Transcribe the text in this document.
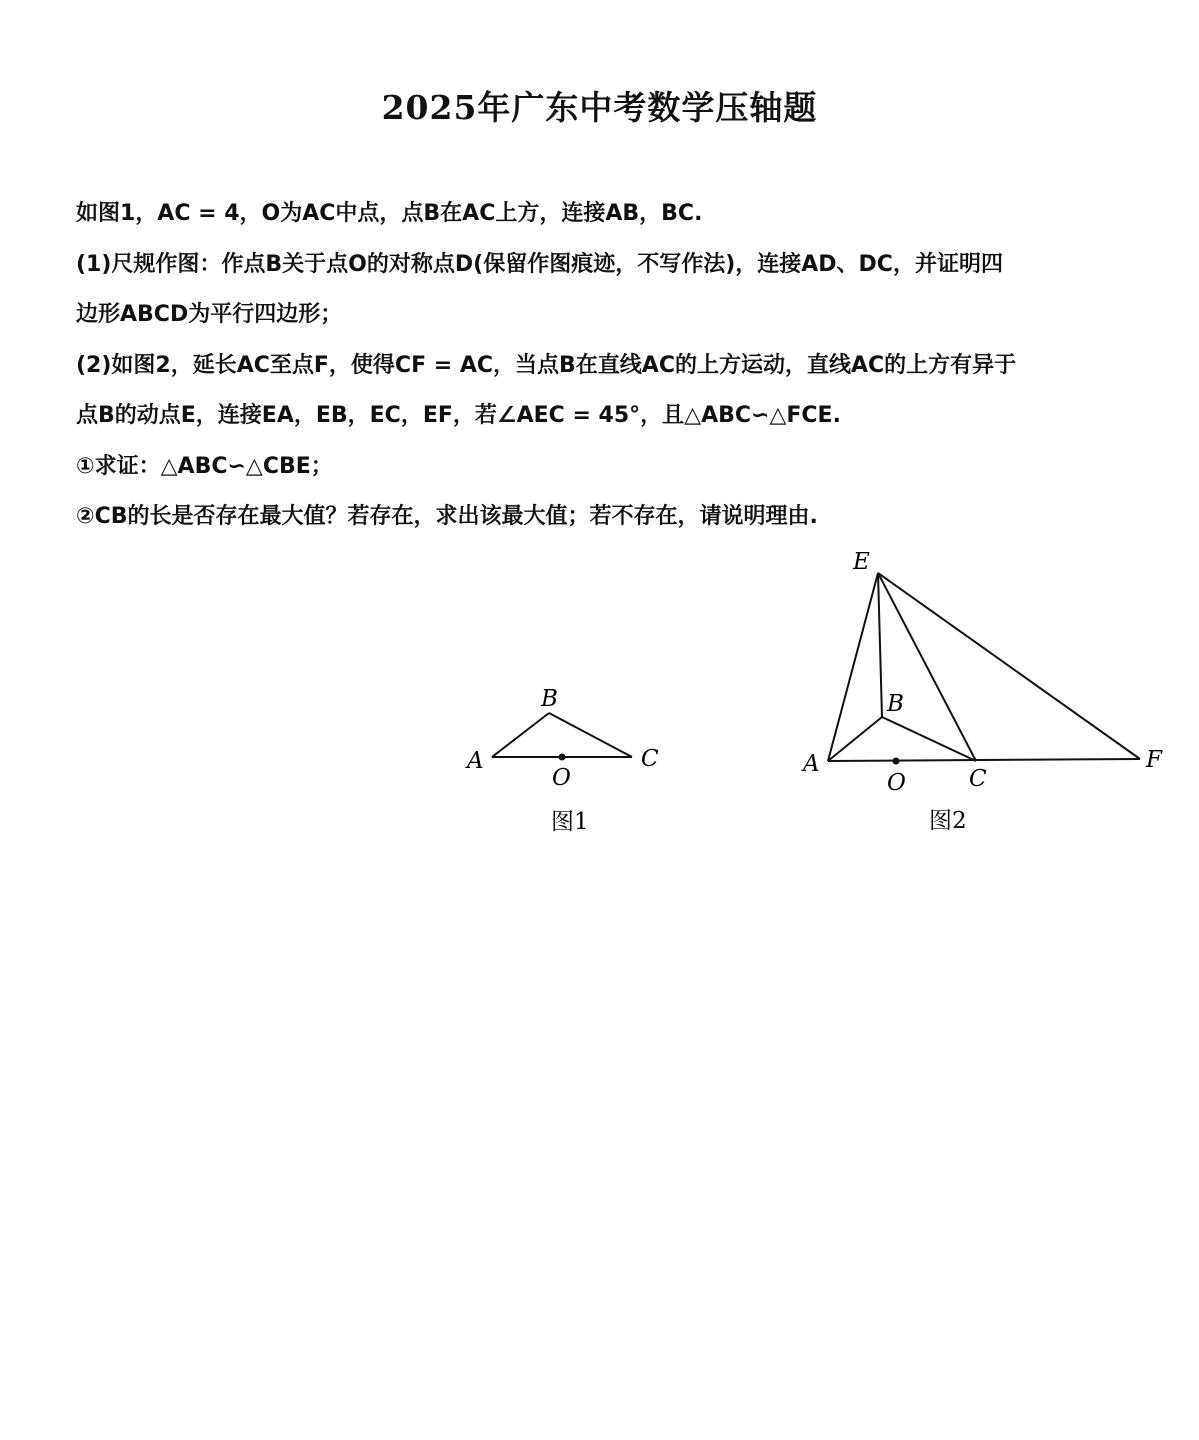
2025年广东中考数学压轴题
如图1，AC = 4，O为AC中点，点B在AC上方，连接AB，BC.
(1)尺规作图：作点B关于点O的对称点D(保留作图痕迹，不写作法)，连接AD、DC，并证明四
边形ABCD为平行四边形；
(2)如图2，延长AC至点F，使得CF = AC，当点B在直线AC的上方运动，直线AC的上方有异于
点B的动点E，连接EA，EB，EC，EF，若∠AEC = 45°，且△ABC∽△FCE.
①求证：△ABC∽△CBE；
②CB的长是否存在最大值？若存在，求出该最大值；若不存在，请说明理由.
A
B
C
O
图1
E
B
A
O	C
F
图2
